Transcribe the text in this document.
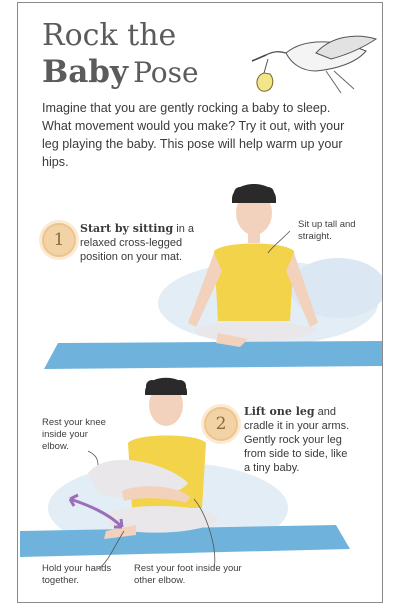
Rock the
Baby Pose
Imagine that you are gently rocking a baby to sleep. What movement would you make? Try it out, with your leg playing the baby. This pose will help warm up your hips.
1
Start by sitting in a relaxed cross-legged position on your mat.
2
Lift one leg and cradle it in your arms. Gently rock your leg from side to side, like a tiny baby.
Sit up tall and straight.
Rest your knee inside your elbow.
Hold your hands together.
Rest your foot inside your other elbow.
